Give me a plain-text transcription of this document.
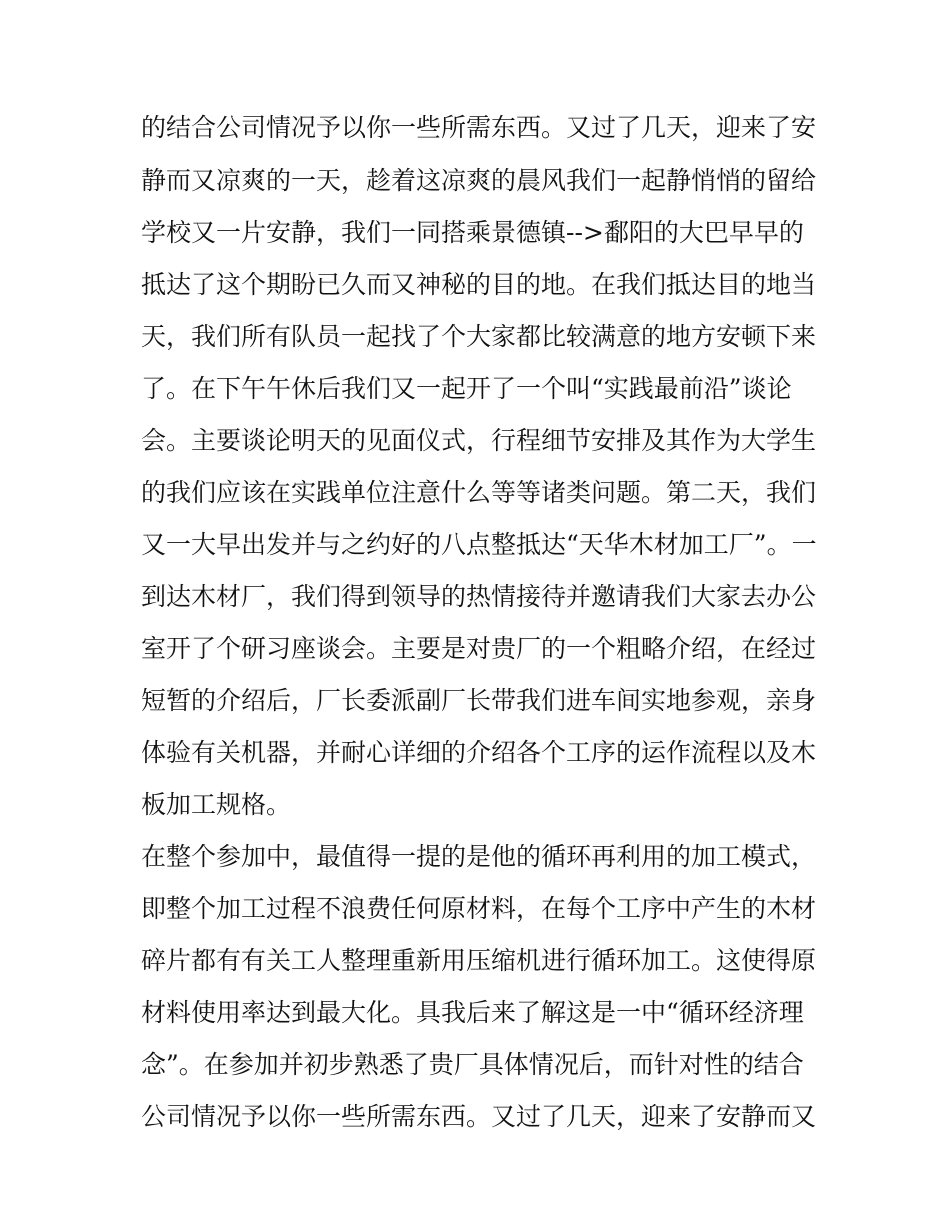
的结合公司情况予以你一些所需东西。又过了几天，迎来了安
静而又凉爽的一天，趁着这凉爽的晨风我们一起静悄悄的留给
学校又一片安静，我们一同搭乘景德镇-->鄱阳的大巴早早的
抵达了这个期盼已久而又神秘的目的地。在我们抵达目的地当
天，我们所有队员一起找了个大家都比较满意的地方安顿下来
了。在下午午休后我们又一起开了一个叫“实践最前沿”谈论
会。主要谈论明天的见面仪式，行程细节安排及其作为大学生
的我们应该在实践单位注意什么等等诸类问题。第二天，我们
又一大早出发并与之约好的八点整抵达“天华木材加工厂”。一
到达木材厂，我们得到领导的热情接待并邀请我们大家去办公
室开了个研习座谈会。主要是对贵厂的一个粗略介绍，在经过
短暂的介绍后，厂长委派副厂长带我们进车间实地参观，亲身
体验有关机器，并耐心详细的介绍各个工序的运作流程以及木
板加工规格。
在整个参加中，最值得一提的是他的循环再利用的加工模式，
即整个加工过程不浪费任何原材料，在每个工序中产生的木材
碎片都有有关工人整理重新用压缩机进行循环加工。这使得原
材料使用率达到最大化。具我后来了解这是一中“循环经济理
念”。在参加并初步熟悉了贵厂具体情况后，而针对性的结合
公司情况予以你一些所需东西。又过了几天，迎来了安静而又
